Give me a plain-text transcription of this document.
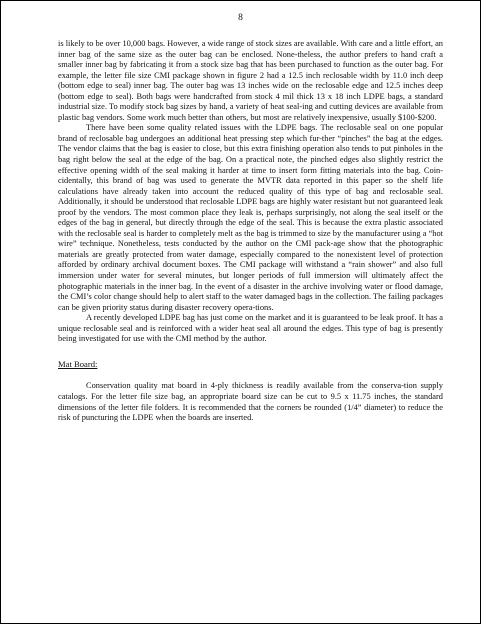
8

is likely to be over 10,000 bags. However, a wide range of stock sizes are available. With care and a little effort, an inner bag of the same size as the outer bag can be enclosed. None-theless, the author prefers to hand craft a smaller inner bag by fabricating it from a stock size bag that has been purchased to function as the outer bag. For example, the letter file size CMI package shown in figure 2 had a 12.5 inch reclosable width by 11.0 inch deep (bottom edge to seal) inner bag. The outer bag was 13 inches wide on the reclosable edge and 12.5 inches deep (bottom edge to seal). Both bags were handcrafted from stock 4 mil thick 13 x 18 inch LDPE bags, a standard industrial size. To modify stock bag sizes by hand, a variety of heat seal-ing and cutting devices are available from plastic bag vendors. Some work much better than others, but most are relatively inexpensive, usually $100-$200.

There have been some quality related issues with the LDPE bags. The reclosable seal on one popular brand of reclosable bag undergoes an additional heat pressing step which fur-ther “pinches” the bag at the edges. The vendor claims that the bag is easier to close, but this extra finishing operation also tends to put pinholes in the bag right below the seal at the edge of the bag. On a practical note, the pinched edges also slightly restrict the effective opening width of the seal making it harder at time to insert form fitting materials into the bag. Coin-cidentally, this brand of bag was used to generate the MVTR data reported in this paper so the shelf life calculations have already taken into account the reduced quality of this type of bag and reclosable seal. Additionally, it should be understood that reclosable LDPE bags are highly water resistant but not guaranteed leak proof by the vendors. The most common place they leak is, perhaps surprisingly, not along the seal itself or the edges of the bag in general, but directly through the edge of the seal. This is because the extra plastic associated with the reclosable seal is harder to completely melt as the bag is trimmed to size by the manufacturer using a “hot wire” technique. Nonetheless, tests conducted by the author on the CMI pack-age show that the photographic materials are greatly protected from water damage, especially compared to the nonexistent level of protection afforded by ordinary archival document boxes. The CMI package will withstand a “rain shower” and also full immersion under water for several minutes, but longer periods of full immersion will ultimately affect the photographic materials in the inner bag. In the event of a disaster in the archive involving water or flood damage, the CMI’s color change should help to alert staff to the water damaged bags in the collection. The failing packages can be given priority status during disaster recovery opera-tions.

A recently developed LDPE bag has just come on the market and it is guaranteed to be leak proof. It has a unique reclosable seal and is reinforced with a wider heat seal all around the edges. This type of bag is presently being investigated for use with the CMI method by the author.

Mat Board:

Conservation quality mat board in 4-ply thickness is readily available from the conserva-tion supply catalogs. For the letter file size bag, an appropriate board size can be cut to 9.5 x 11.75 inches, the standard dimensions of the letter file folders. It is recommended that the corners be rounded (1/4” diameter) to reduce the risk of puncturing the LDPE when the boards are inserted.
